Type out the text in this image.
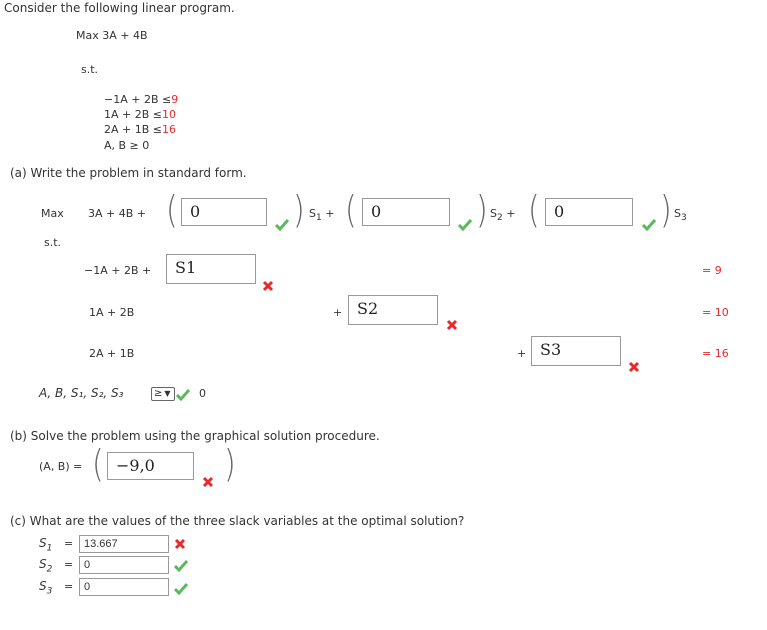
Consider the following linear program.
Max 3A + 4B
s.t.
−1A + 2B ≤9
1A + 2B ≤10
2A + 1B ≤16
A, B ≥ 0
(a) Write the problem in standard form.
Max 3A + 4B + ( 0	) $S_1$ + ( 0	) $S_2$ + ( 0	) $S_3$
s.t.
−1A + 2B +	S1	= 9
1A + 2B	+ S2	= 10
2A + 1B	+ S3	= 16
A, B, S₁, S₂, S₃	≥ ▼	0
(b) Solve the problem using the graphical solution procedure.
(A, B) = ( −9,0	)
(c) What are the values of the three slack variables at the optimal solution?
$S_1 = 13.667$
$S_2 = 0$
$S_3 = 0$
